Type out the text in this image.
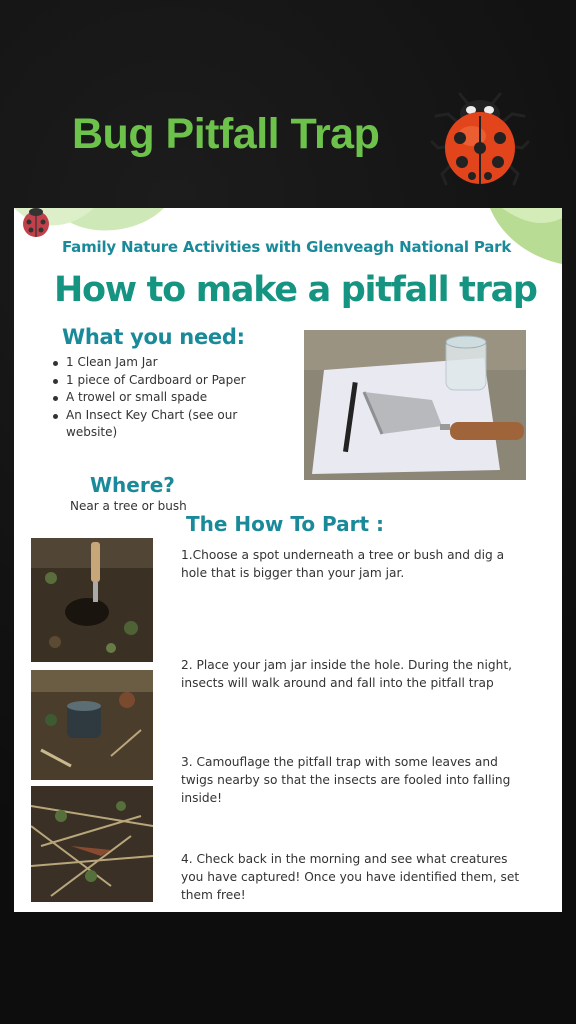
Bug Pitfall Trap
Family Nature Activities with Glenveagh National Park
How to make a pitfall trap
What you need:
1 Clean Jam Jar
1 piece of Cardboard or Paper
A trowel or small spade
An Insect Key Chart (see our website)
Where?
Near a tree or bush
The How To Part :
1.Choose a spot underneath a tree or bush and dig a hole that is bigger than your jam jar.
2. Place your jam jar inside the hole. During the night, insects will walk around and fall into the pitfall trap
3. Camouflage the pitfall trap with some leaves and twigs nearby so that the insects are fooled into falling inside!
4. Check back in the morning and see what creatures you have captured! Once you have identified them, set them free!
